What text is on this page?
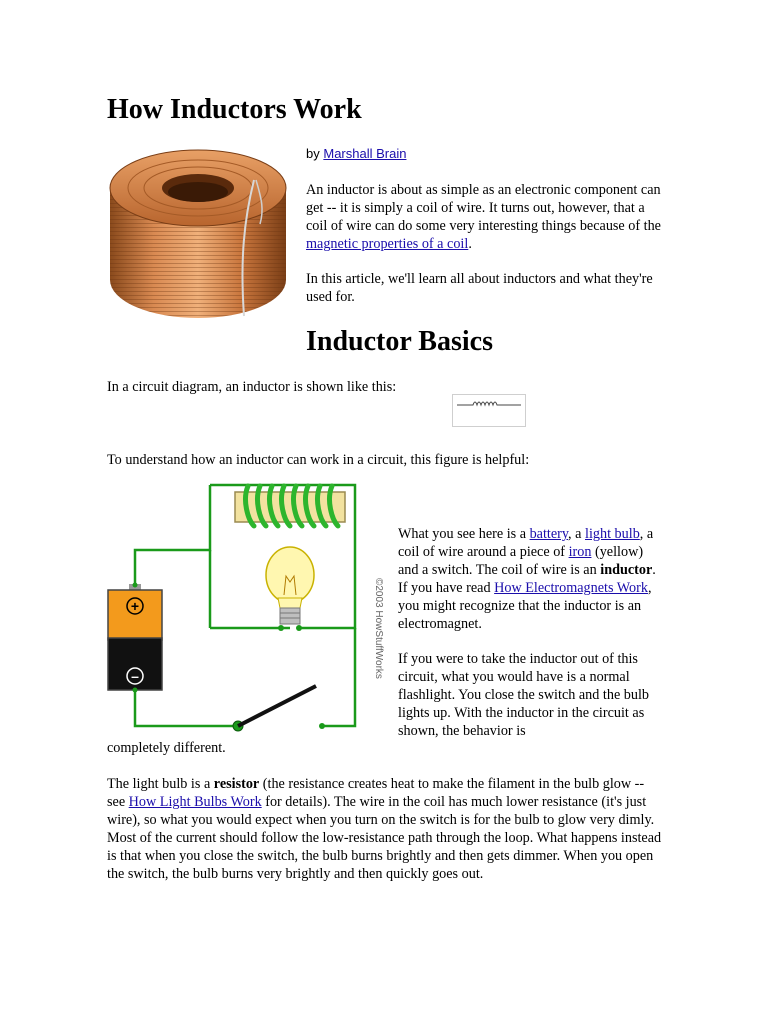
How Inductors Work
by Marshall Brain

An inductor is about as simple as an electronic component can get -- it is simply a coil of wire. It turns out, however, that a coil of wire can do some very interesting things because of the magnetic properties of a coil.

In this article, we'll learn all about inductors and what they're used for.

Inductor Basics

In a circuit diagram, an inductor is shown like this:

To understand how an inductor can work in a circuit, this figure is helpful:

+
–	©2003 HowStuffWorks

What you see here is a battery, a light bulb, a coil of wire around a piece of iron (yellow) and a switch. The coil of wire is an inductor. If you have read How Electromagnets Work, you might recognize that the inductor is an electromagnet.

If you were to take the inductor out of this circuit, what you would have is a normal flashlight. You close the switch and the bulb lights up. With the inductor in the circuit as shown, the behavior is

completely different.

The light bulb is a resistor (the resistance creates heat to make the filament in the bulb glow -- see How Light Bulbs Work for details). The wire in the coil has much lower resistance (it's just wire), so what you would expect when you turn on the switch is for the bulb to glow very dimly. Most of the current should follow the low-resistance path through the loop. What happens instead is that when you close the switch, the bulb burns brightly and then gets dimmer. When you open the switch, the bulb burns very brightly and then quickly goes out.
